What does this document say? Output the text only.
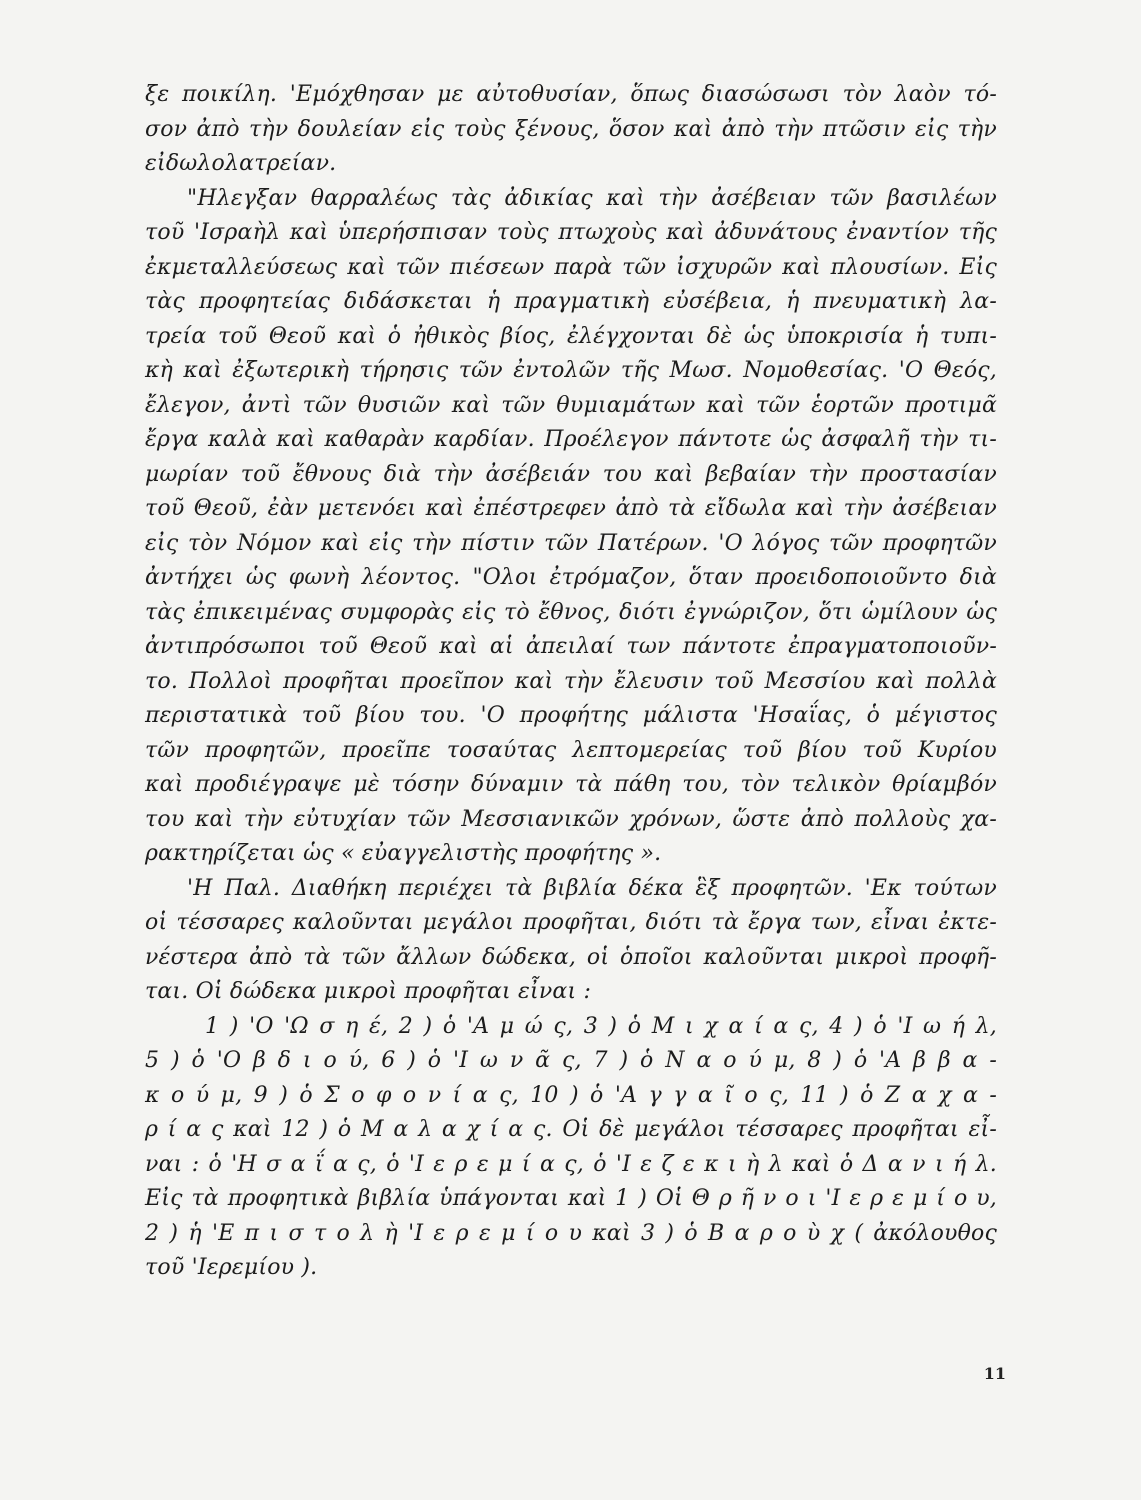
ξε ποικίλη. 'Εμόχθησαν με αὐτοθυσίαν, ὅπως διασώσωσι τὸν λαὸν τό-
σον ἀπὸ τὴν δουλείαν εἰς τοὺς ξένους, ὅσον καὶ ἀπὸ τὴν πτῶσιν εἰς τὴν
εἰδωλολατρείαν.
"Ηλεγξαν θαρραλέως τὰς ἀδικίας καὶ τὴν ἀσέβειαν τῶν βασιλέων
τοῦ 'Ισραὴλ καὶ ὑπερήσπισαν τοὺς πτωχοὺς καὶ ἀδυνάτους ἐναντίον τῆς
ἐκμεταλλεύσεως καὶ τῶν πιέσεων παρὰ τῶν ἰσχυρῶν καὶ πλουσίων. Εἰς
τὰς προφητείας διδάσκεται ἡ πραγματικὴ εὐσέβεια, ἡ πνευματικὴ λα-
τρεία τοῦ Θεοῦ καὶ ὁ ἠθικὸς βίος, ἐλέγχονται δὲ ὡς ὑποκρισία ἡ τυπι-
κὴ καὶ ἐξωτερικὴ τήρησις τῶν ἐντολῶν τῆς Μωσ. Νομοθεσίας. 'Ο Θεός,
ἔλεγον, ἀντὶ τῶν θυσιῶν καὶ τῶν θυμιαμάτων καὶ τῶν ἑορτῶν προτιμᾶ
ἔργα καλὰ καὶ καθαρὰν καρδίαν. Προέλεγον πάντοτε ὡς ἀσφαλῆ τὴν τι-
μωρίαν τοῦ ἔθνους διὰ τὴν ἀσέβειάν του καὶ βεβαίαν τὴν προστασίαν
τοῦ Θεοῦ, ἐὰν μετενόει καὶ ἐπέστρεφεν ἀπὸ τὰ εἴδωλα καὶ τὴν ἀσέβειαν
εἰς τὸν Νόμον καὶ εἰς τὴν πίστιν τῶν Πατέρων. 'Ο λόγος τῶν προφητῶν
ἀντήχει ὡς φωνὴ λέοντος. "Ολοι ἐτρόμαζον, ὅταν προειδοποιοῦντο διὰ
τὰς ἐπικειμένας συμφορὰς εἰς τὸ ἔθνος, διότι ἐγνώριζον, ὅτι ὡμίλουν ὡς
ἀντιπρόσωποι τοῦ Θεοῦ καὶ αἱ ἀπειλαί των πάντοτε ἐπραγματοποιοῦν-
το. Πολλοὶ προφῆται προεῖπον καὶ τὴν ἔλευσιν τοῦ Μεσσίου καὶ πολλὰ
περιστατικὰ τοῦ βίου του. 'Ο προφήτης μάλιστα 'Ησαΐας, ὁ μέγιστος
τῶν προφητῶν, προεῖπε τοσαύτας λεπτομερείας τοῦ βίου τοῦ Κυρίου
καὶ προδιέγραψε μὲ τόσην δύναμιν τὰ πάθη του, τὸν τελικὸν θρίαμβόν
του καὶ τὴν εὐτυχίαν τῶν Μεσσιανικῶν χρόνων, ὥστε ἀπὸ πολλοὺς χα-
ρακτηρίζεται ὡς « εὐαγγελιστὴς προφήτης ».
'Η Παλ. Διαθήκη περιέχει τὰ βιβλία δέκα ἓξ προφητῶν. 'Εκ τούτων
οἱ τέσσαρες καλοῦνται μεγάλοι προφῆται, διότι τὰ ἔργα των, εἶναι ἐκτε-
νέστερα ἀπὸ τὰ τῶν ἄλλων δώδεκα, οἱ ὁποῖοι καλοῦνται μικροὶ προφῆ-
ται. Οἱ δώδεκα μικροὶ προφῆται εἶναι :
1 ) 'Ο 'Ω σ η έ, 2 ) ὁ 'Α μ ώ ς, 3 ) ὁ Μ ι χ α ί α ς, 4 ) ὁ 'Ι ω ή λ,
5 ) ὁ 'Ο β δ ι ο ύ, 6 ) ὁ 'Ι ω ν ᾶ ς, 7 ) ὁ Ν α ο ύ μ, 8 ) ὁ 'Α β β α -
κ ο ύ μ, 9 ) ὁ Σ ο φ ο ν ί α ς, 10 ) ὁ 'Α γ γ α ῖ ο ς, 11 ) ὁ Ζ α χ α -
ρ ί α ς καὶ 12 ) ὁ Μ α λ α χ ί α ς. Οἱ δὲ μεγάλοι τέσσαρες προφῆται εἶ-
ναι : ὁ 'Η σ α ΐ α ς, ὁ 'Ι ε ρ ε μ ί α ς, ὁ 'Ι ε ζ ε κ ι ὴ λ καὶ ὁ Δ α ν ι ή λ.
Εἰς τὰ προφητικὰ βιβλία ὑπάγονται καὶ 1 ) Οἱ Θ ρ ῆ ν ο ι 'Ι ε ρ ε μ ί ο υ,
2 ) ἡ 'Ε π ι σ τ ο λ ὴ 'Ι ε ρ ε μ ί ο υ καὶ 3 ) ὁ Β α ρ ο ὺ χ ( ἀκόλουθος
τοῦ 'Ιερεμίου ).
11
